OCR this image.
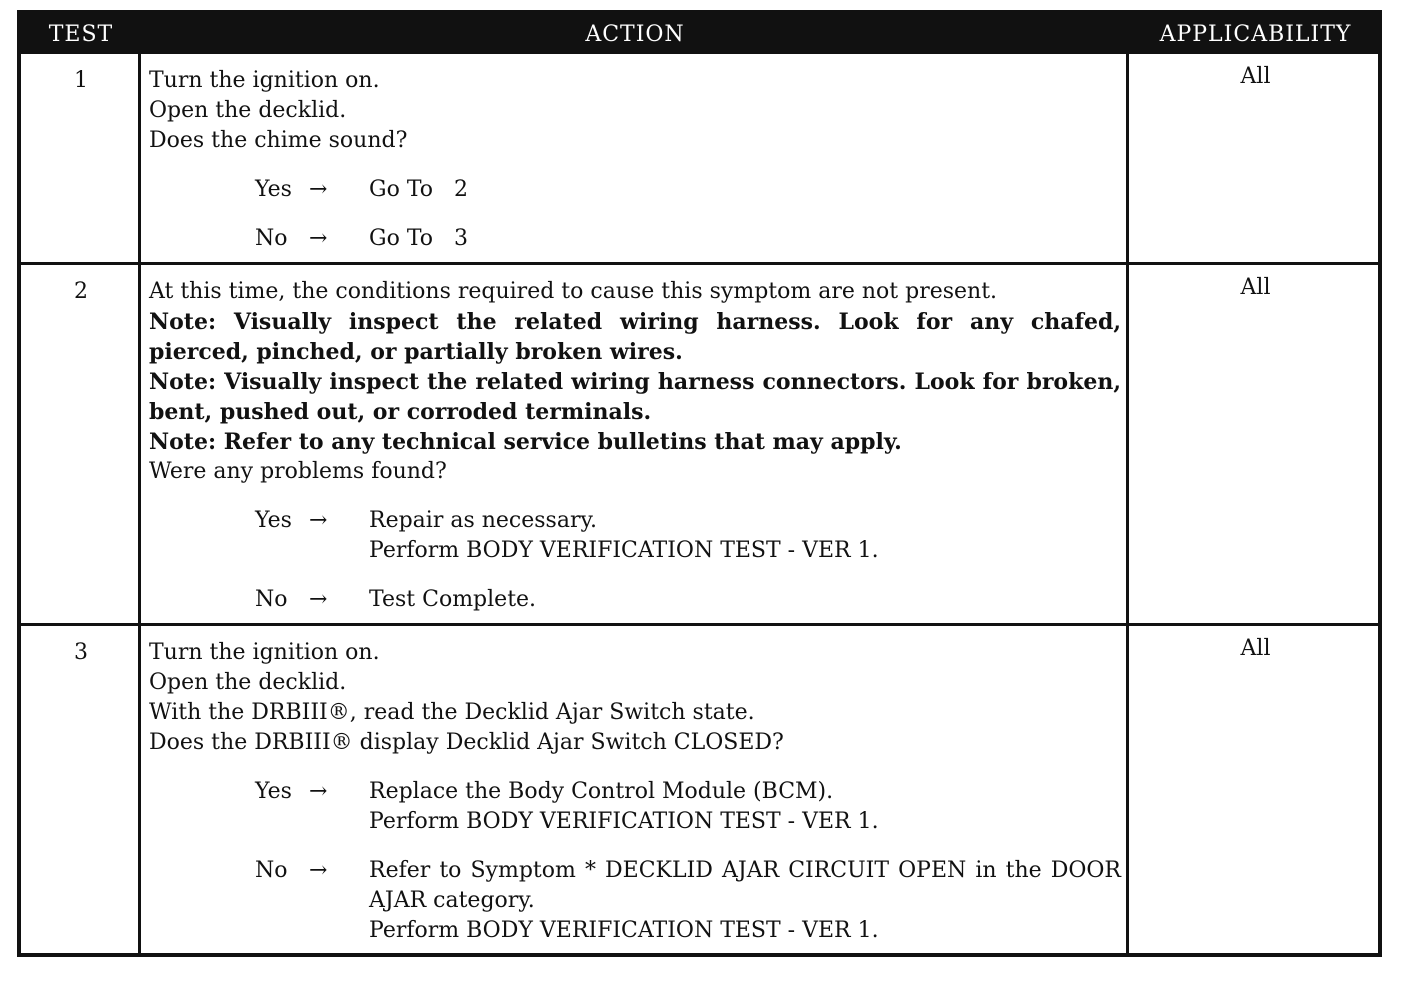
TEST	ACTION	APPLICABILITY
1	Turn the ignition on.
Open the decklid.
Does the chime sound?
Yes → Go To   2
No → Go To   3
All
2	At this time, the conditions required to cause this symptom are not present.
Note: Visually inspect the related wiring harness. Look for any chafed, pierced, pinched, or partially broken wires.
Note: Visually inspect the related wiring harness connectors. Look for broken, bent, pushed out, or corroded terminals.
Note: Refer to any technical service bulletins that may apply.
Were any problems found?
Yes → Repair as necessary.
Perform BODY VERIFICATION TEST - VER 1.
No → Test Complete.
All
3	Turn the ignition on.
Open the decklid.
With the DRBIII®, read the Decklid Ajar Switch state.
Does the DRBIII® display Decklid Ajar Switch CLOSED?
Yes → Replace the Body Control Module (BCM).
Perform BODY VERIFICATION TEST - VER 1.
No → Refer to Symptom * DECKLID AJAR CIRCUIT OPEN in the DOOR AJAR category.
Perform BODY VERIFICATION TEST - VER 1.
All
